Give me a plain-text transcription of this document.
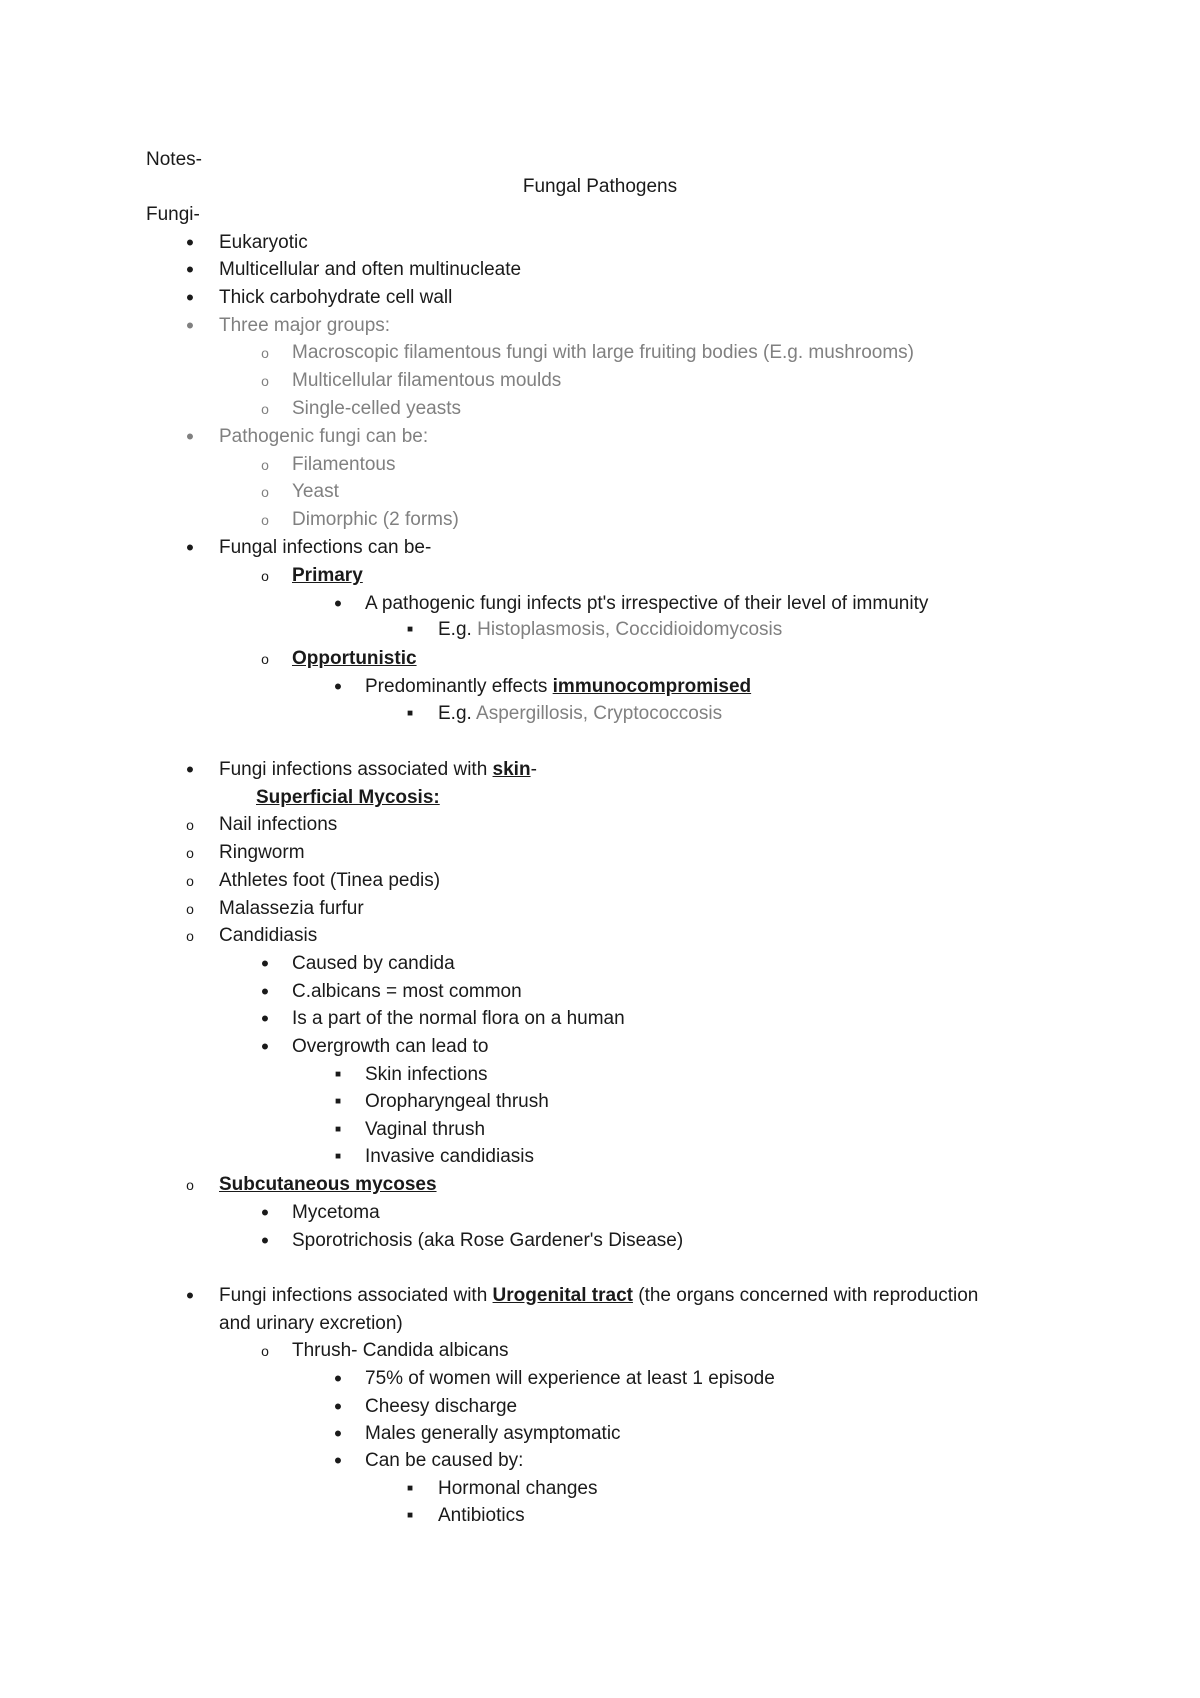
Notes-
Fungal Pathogens
Fungi-
• Eukaryotic
• Multicellular and often multinucleate
• Thick carbohydrate cell wall
• Three major groups:
o Macroscopic filamentous fungi with large fruiting bodies (E.g. mushrooms)
o Multicellular filamentous moulds
o Single-celled yeasts
• Pathogenic fungi can be:
o Filamentous
o Yeast
o Dimorphic (2 forms)
• Fungal infections can be-
o Primary
• A pathogenic fungi infects pt's irrespective of their level of immunity
■ E.g. Histoplasmosis, Coccidioidomycosis
o Opportunistic
• Predominantly effects immunocompromised
■ E.g. Aspergillosis, Cryptococcosis
• Fungi infections associated with skin-
Superficial Mycosis:
o Nail infections
o Ringworm
o Athletes foot (Tinea pedis)
o Malassezia furfur
o Candidiasis
• Caused by candida
• C.albicans = most common
• Is a part of the normal flora on a human
• Overgrowth can lead to
■ Skin infections
■ Oropharyngeal thrush
■ Vaginal thrush
■ Invasive candidiasis
o Subcutaneous mycoses
• Mycetoma
• Sporotrichosis (aka Rose Gardener's Disease)
• Fungi infections associated with Urogenital tract (the organs concerned with reproduction
and urinary excretion)
o Thrush- Candida albicans
• 75% of women will experience at least 1 episode
• Cheesy discharge
• Males generally asymptomatic
• Can be caused by:
■ Hormonal changes
■ Antibiotics
